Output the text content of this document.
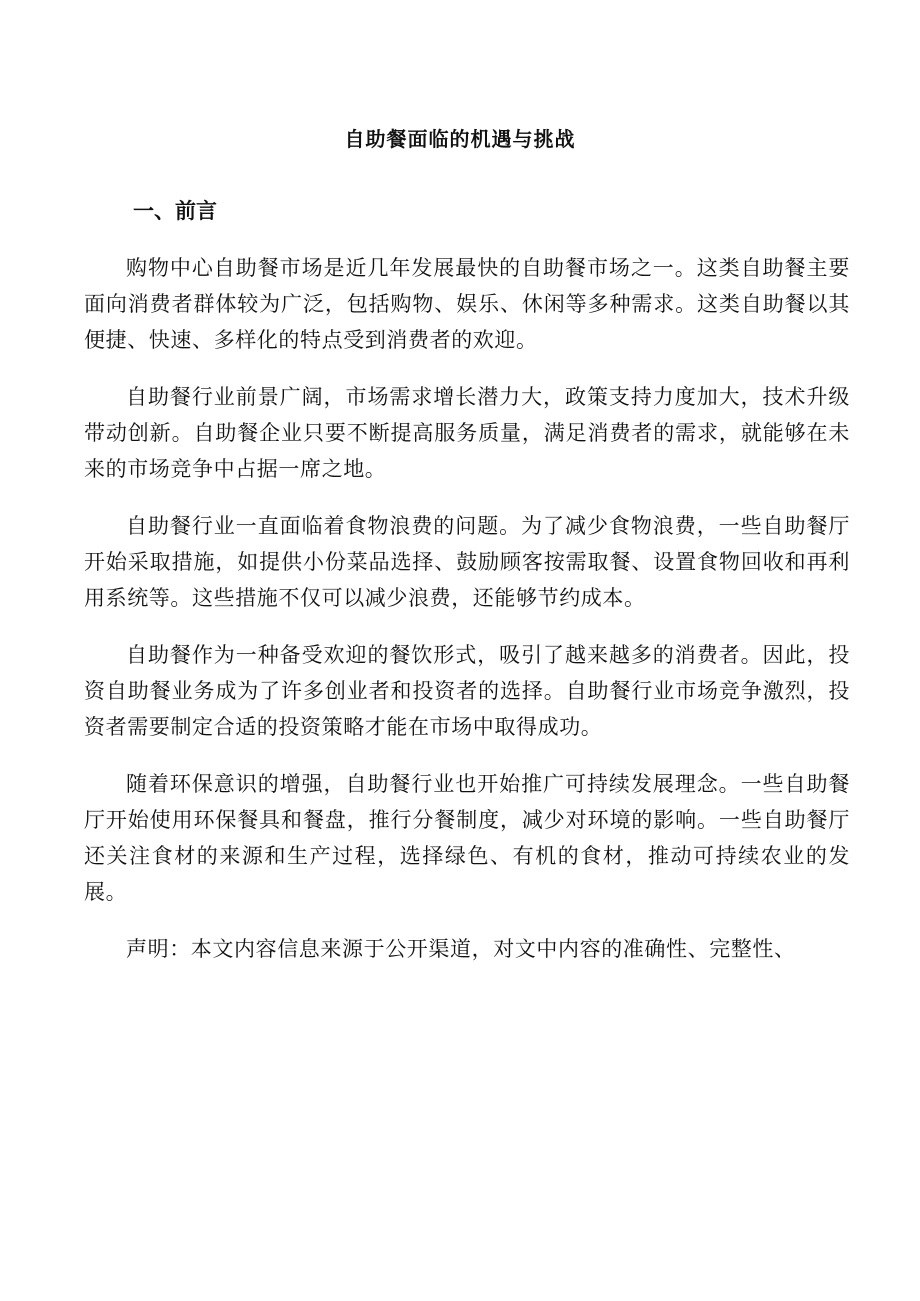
自助餐面临的机遇与挑战
一、前言

购物中心自助餐市场是近几年发展最快的自助餐市场之一。这类自助餐主要面向消费者群体较为广泛，包括购物、娱乐、休闲等多种需求。这类自助餐以其便捷、快速、多样化的特点受到消费者的欢迎。

自助餐行业前景广阔，市场需求增长潜力大，政策支持力度加大，技术升级带动创新。自助餐企业只要不断提高服务质量，满足消费者的需求，就能够在未来的市场竞争中占据一席之地。

自助餐行业一直面临着食物浪费的问题。为了减少食物浪费，一些自助餐厅开始采取措施，如提供小份菜品选择、鼓励顾客按需取餐、设置食物回收和再利用系统等。这些措施不仅可以减少浪费，还能够节约成本。

自助餐作为一种备受欢迎的餐饮形式，吸引了越来越多的消费者。因此，投资自助餐业务成为了许多创业者和投资者的选择。自助餐行业市场竞争激烈，投资者需要制定合适的投资策略才能在市场中取得成功。

随着环保意识的增强，自助餐行业也开始推广可持续发展理念。一些自助餐厅开始使用环保餐具和餐盘，推行分餐制度，减少对环境的影响。一些自助餐厅还关注食材的来源和生产过程，选择绿色、有机的食材，推动可持续农业的发展。

声明：本文内容信息来源于公开渠道，对文中内容的准确性、完整性、
